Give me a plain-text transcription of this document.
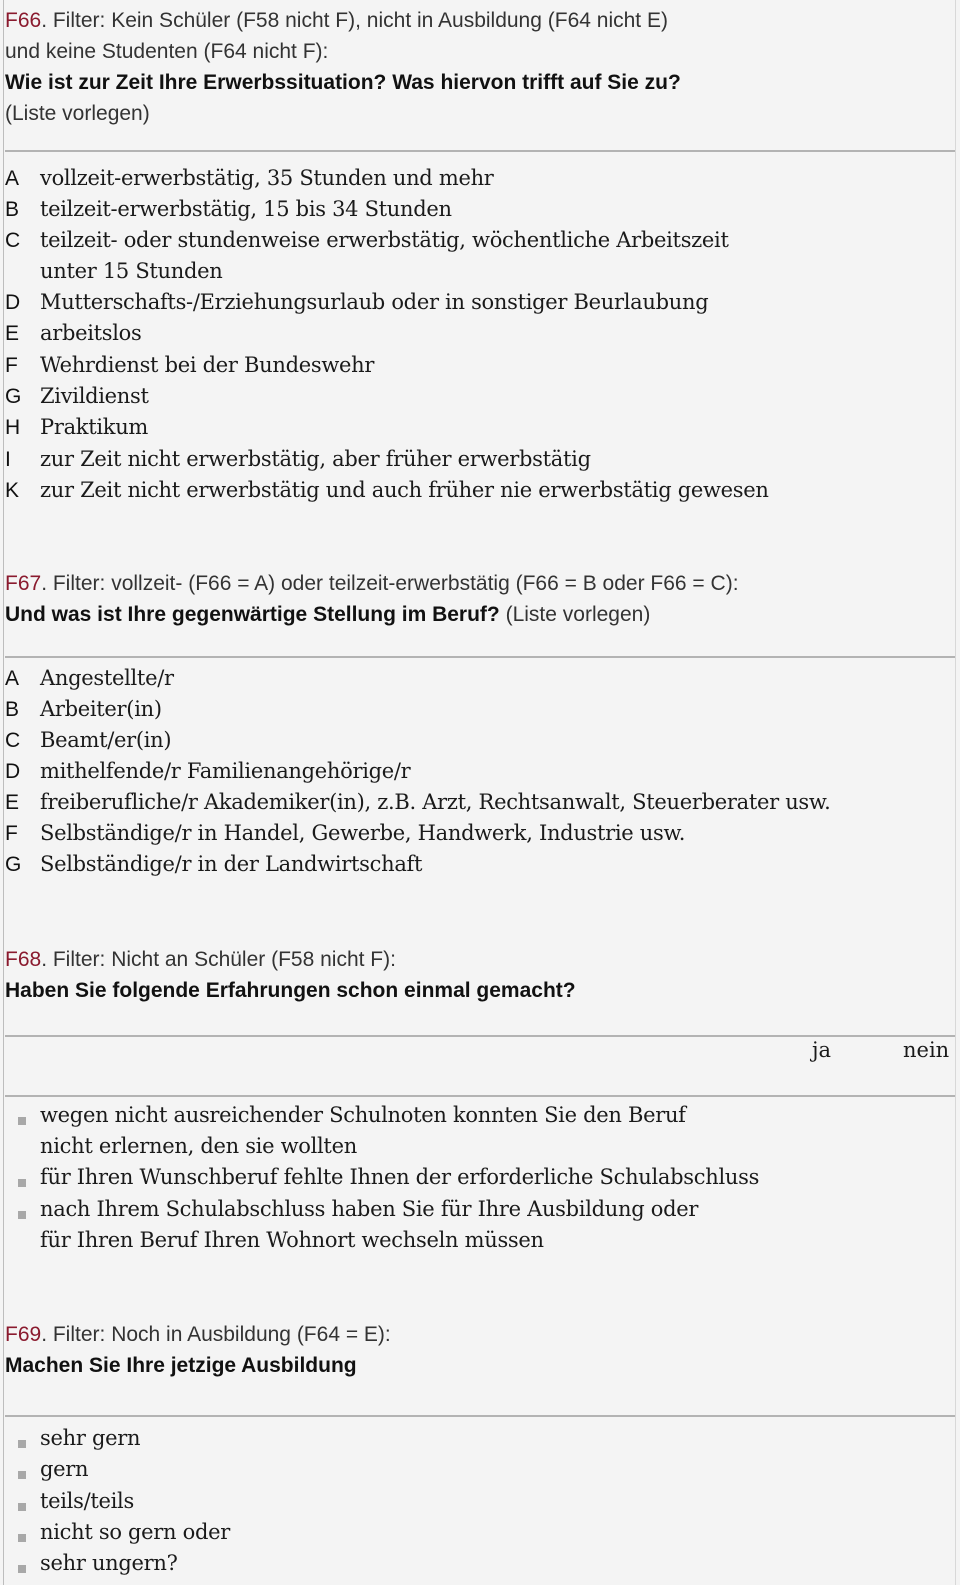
F66. Filter: Kein Schüler (F58 nicht F), nicht in Ausbildung (F64 nicht E)
und keine Studenten (F64 nicht F):
Wie ist zur Zeit Ihre Erwerbssituation? Was hiervon trifft auf Sie zu?
(Liste vorlegen)
A vollzeit-erwerbstätig, 35 Stunden und mehr
B teilzeit-erwerbstätig, 15 bis 34 Stunden
C teilzeit- oder stundenweise erwerbstätig, wöchentliche Arbeitszeit
unter 15 Stunden
D Mutterschafts-/Erziehungsurlaub oder in sonstiger Beurlaubung
E arbeitslos
F	Wehrdienst bei der Bundeswehr
G Zivildienst
H Praktikum
I	zur Zeit nicht erwerbstätig, aber früher erwerbstätig
K zur Zeit nicht erwerbstätig und auch früher nie erwerbstätig gewesen
F67. Filter: vollzeit- (F66 = A) oder teilzeit-erwerbstätig (F66 = B oder F66 = C):
Und was ist Ihre gegenwärtige Stellung im Beruf? (Liste vorlegen)
A Angestellte/r
B Arbeiter(in)
C Beamt/er(in)
D mithelfende/r Familienangehörige/r
E freiberufliche/r Akademiker(in), z.B. Arzt, Rechtsanwalt, Steuerberater usw.
F	Selbständige/r in Handel, Gewerbe, Handwerk, Industrie usw.
G Selbständige/r in der Landwirtschaft
F68. Filter: Nicht an Schüler (F58 nicht F):
Haben Sie folgende Erfahrungen schon einmal gemacht?
ja	nein
wegen nicht ausreichender Schulnoten konnten Sie den Beruf
nicht erlernen, den sie wollten
für Ihren Wunschberuf fehlte Ihnen der erforderliche Schulabschluss
nach Ihrem Schulabschluss haben Sie für Ihre Ausbildung oder
für Ihren Beruf Ihren Wohnort wechseln müssen
F69. Filter: Noch in Ausbildung (F64 = E):
Machen Sie Ihre jetzige Ausbildung
sehr gern
gern
teils/teils
nicht so gern oder
sehr ungern?
